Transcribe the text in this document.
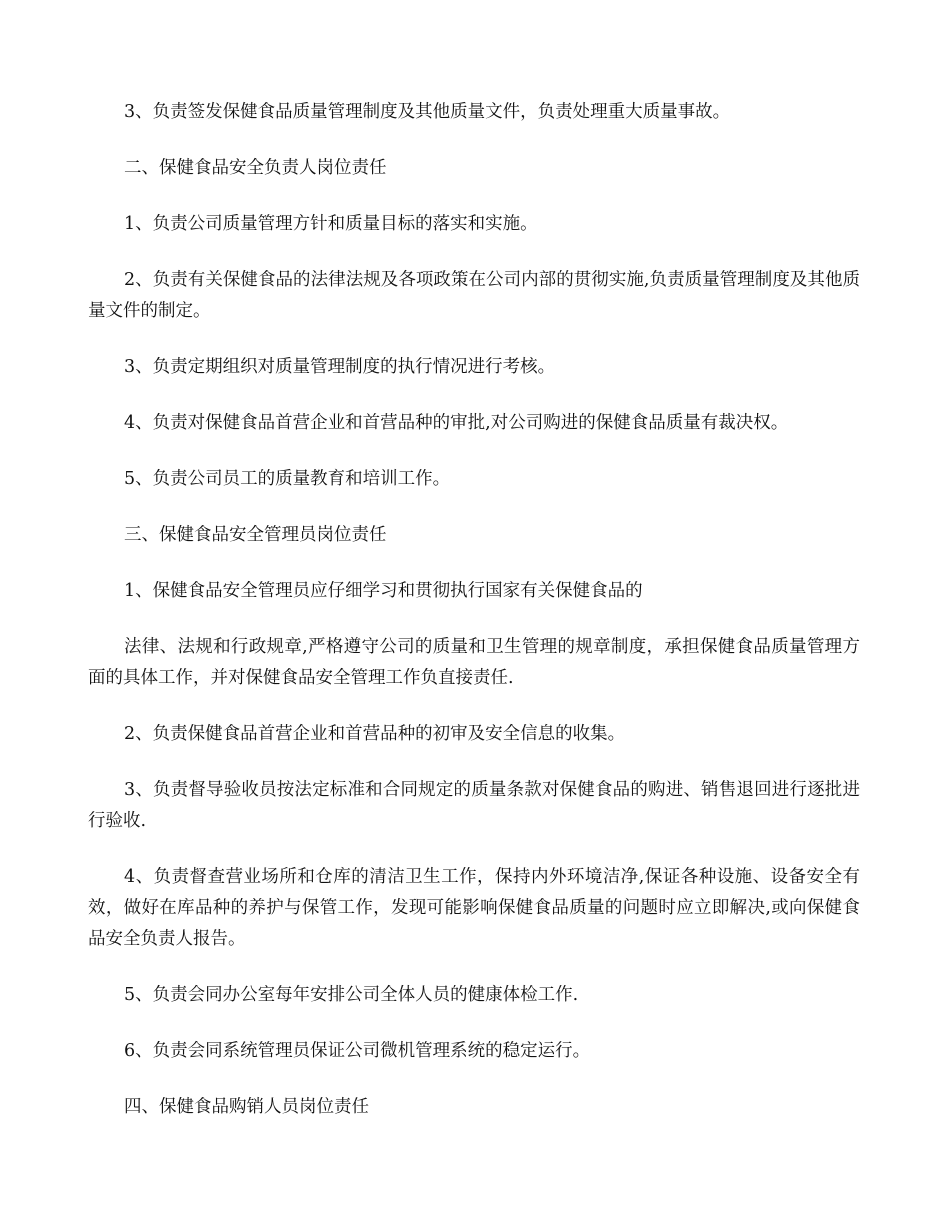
3、负责签发保健食品质量管理制度及其他质量文件，负责处理重大质量事故。

二、保健食品安全负责人岗位责任

1、负责公司质量管理方针和质量目标的落实和实施。

2、负责有关保健食品的法律法规及各项政策在公司内部的贯彻实施,负责质量管理制度及其他质量文件的制定。

3、负责定期组织对质量管理制度的执行情况进行考核。

4、负责对保健食品首营企业和首营品种的审批,对公司购进的保健食品质量有裁决权。

5、负责公司员工的质量教育和培训工作。

三、保健食品安全管理员岗位责任

1、保健食品安全管理员应仔细学习和贯彻执行国家有关保健食品的

法律、法规和行政规章,严格遵守公司的质量和卫生管理的规章制度，承担保健食品质量管理方面的具体工作，并对保健食品安全管理工作负直接责任.

2、负责保健食品首营企业和首营品种的初审及安全信息的收集。

3、负责督导验收员按法定标准和合同规定的质量条款对保健食品的购进、销售退回进行逐批进行验收.

4、负责督查营业场所和仓库的清洁卫生工作，保持内外环境洁净,保证各种设施、设备安全有效，做好在库品种的养护与保管工作，发现可能影响保健食品质量的问题时应立即解决,或向保健食品安全负责人报告。

5、负责会同办公室每年安排公司全体人员的健康体检工作.

6、负责会同系统管理员保证公司微机管理系统的稳定运行。

四、保健食品购销人员岗位责任
